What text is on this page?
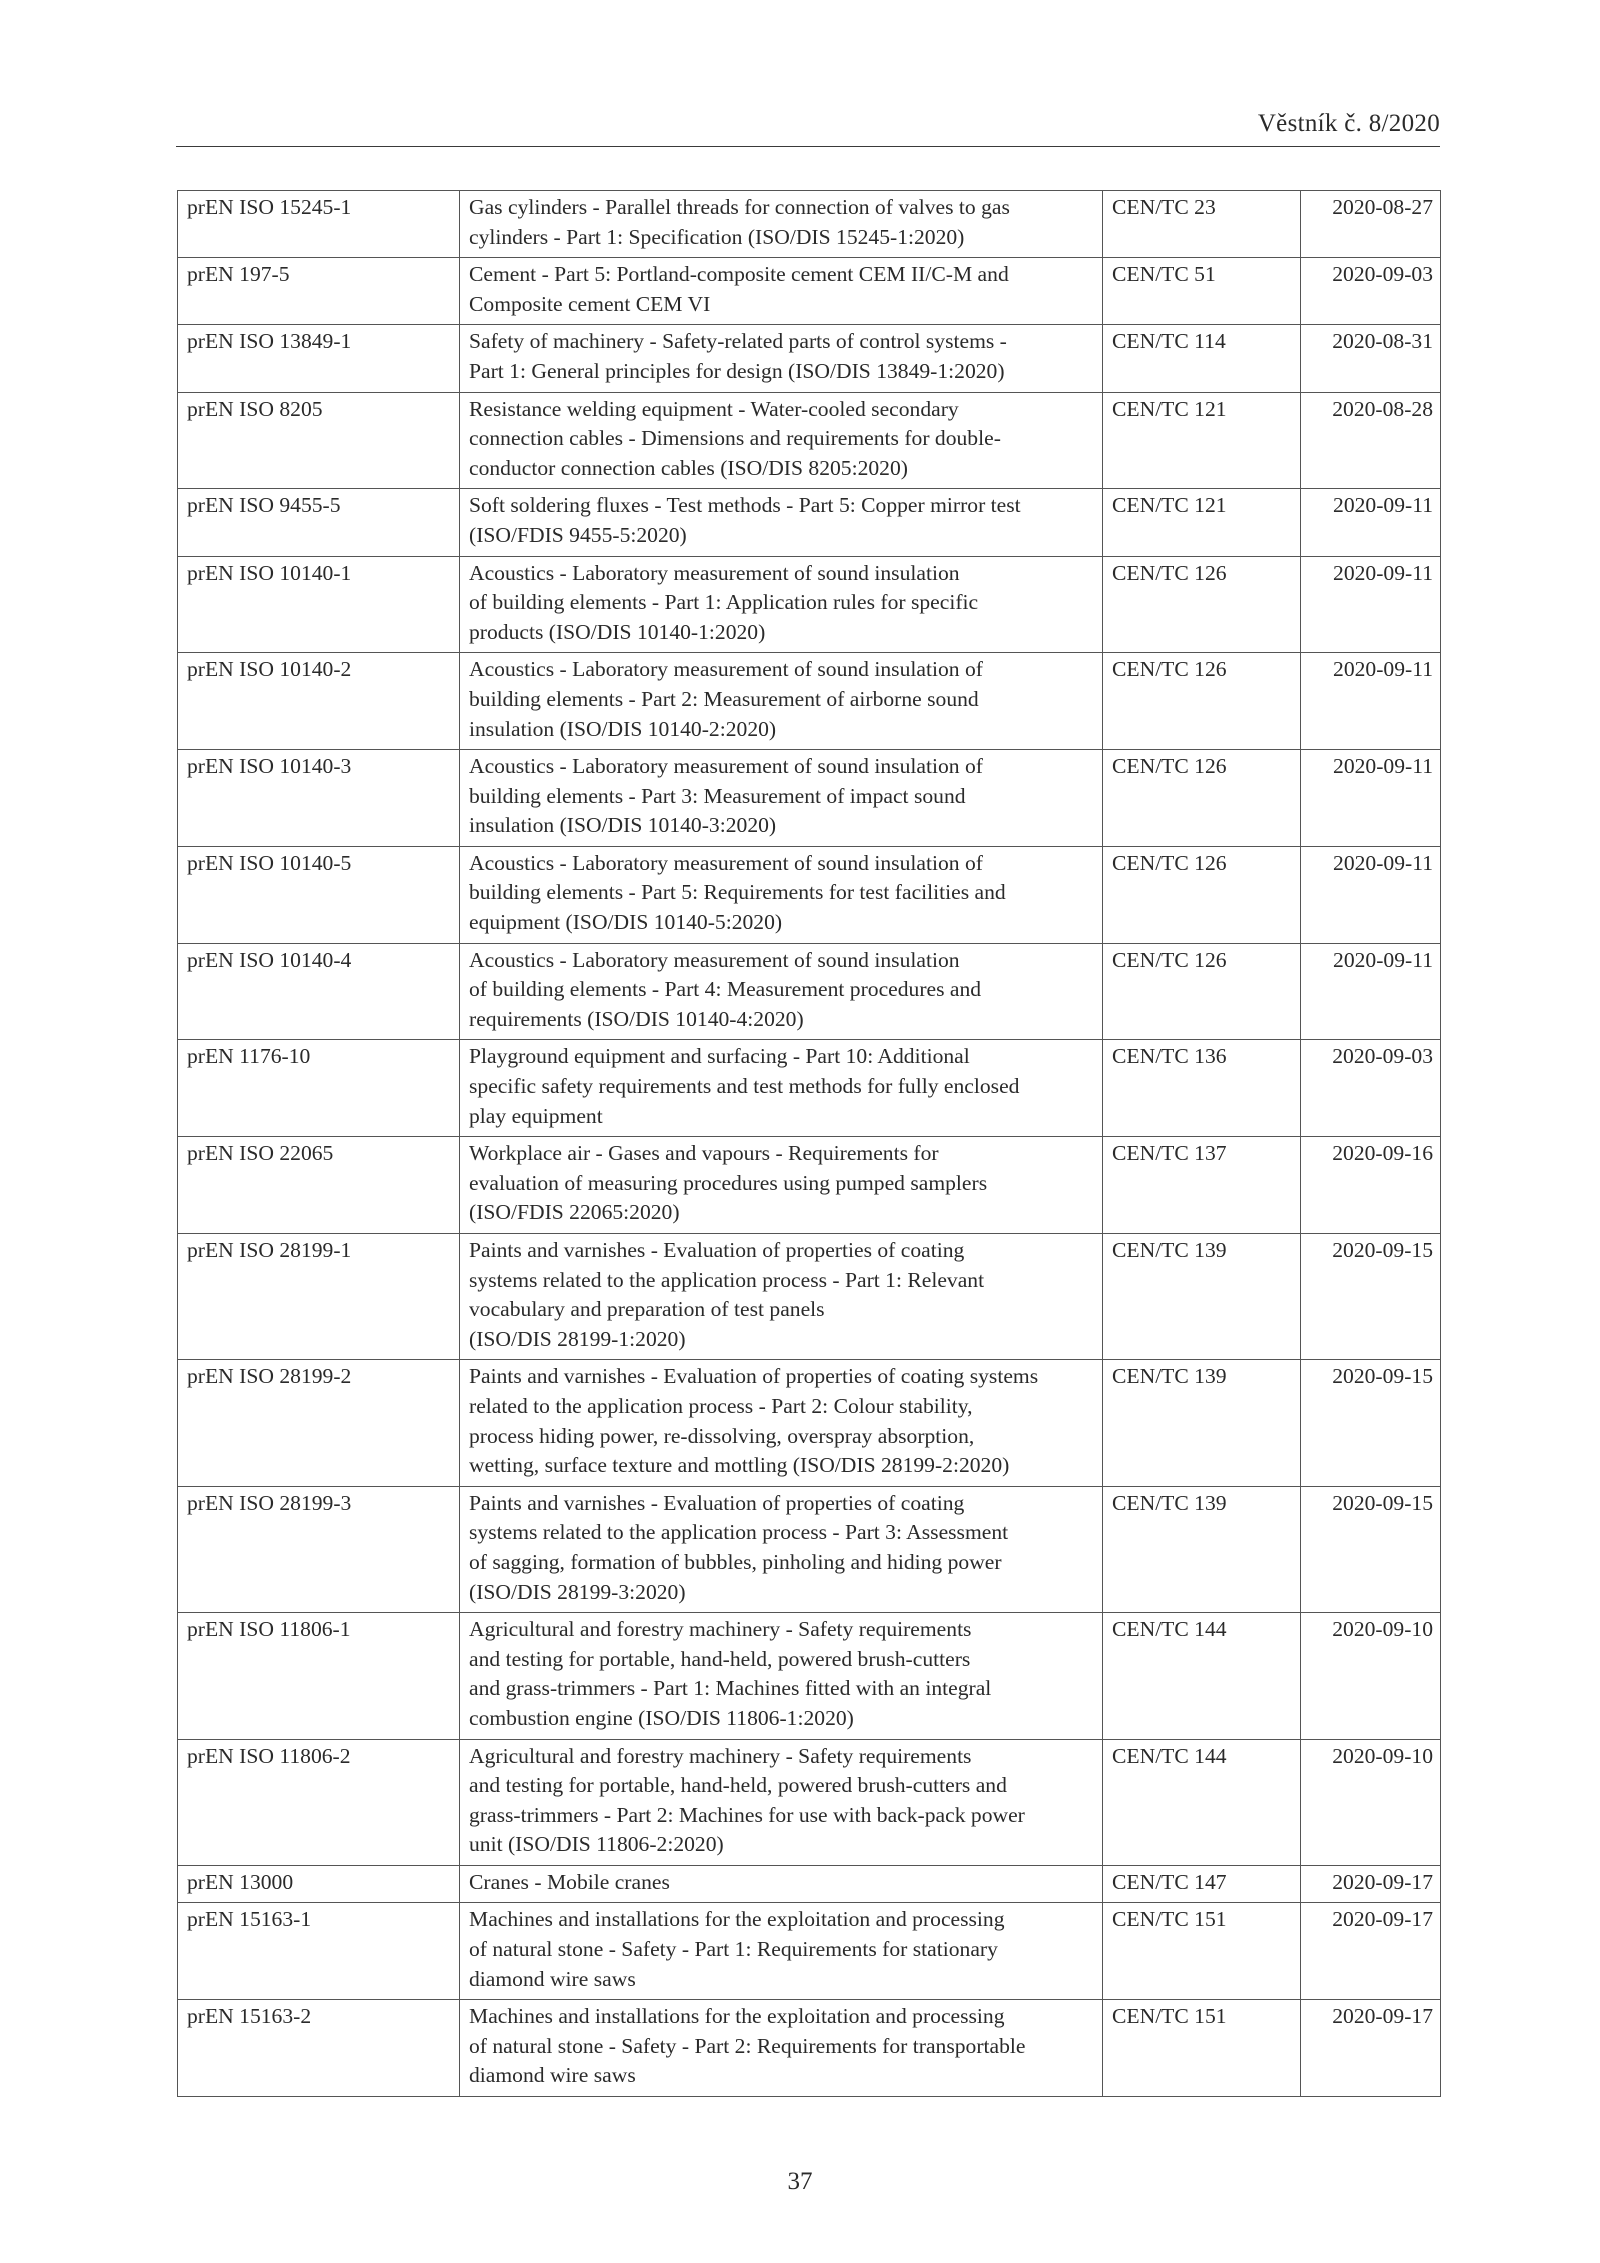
Věstník č. 8/2020
prEN ISO 15245-1	Gas cylinders - Parallel threads for connection of valves to gas
cylinders - Part 1: Specification (ISO/DIS 15245-1:2020)	CEN/TC 23	2020-08-27
prEN 197-5	Cement - Part 5: Portland-composite cement CEM II/C-M and
Composite cement CEM VI	CEN/TC 51	2020-09-03
prEN ISO 13849-1	Safety of machinery - Safety-related parts of control systems -
Part 1: General principles for design (ISO/DIS 13849-1:2020)	CEN/TC 114	2020-08-31
prEN ISO 8205	Resistance welding equipment - Water-cooled secondary
connection cables - Dimensions and requirements for double-
conductor connection cables (ISO/DIS 8205:2020)	CEN/TC 121	2020-08-28
prEN ISO 9455-5	Soft soldering fluxes - Test methods - Part 5: Copper mirror test
(ISO/FDIS 9455-5:2020)	CEN/TC 121	2020-09-11
prEN ISO 10140-1	Acoustics - Laboratory measurement of sound insulation
of building elements - Part 1: Application rules for specific
products (ISO/DIS 10140-1:2020)	CEN/TC 126	2020-09-11
prEN ISO 10140-2	Acoustics - Laboratory measurement of sound insulation of
building elements - Part 2: Measurement of airborne sound
insulation (ISO/DIS 10140-2:2020)	CEN/TC 126	2020-09-11
prEN ISO 10140-3	Acoustics - Laboratory measurement of sound insulation of
building elements - Part 3: Measurement of impact sound
insulation (ISO/DIS 10140-3:2020)	CEN/TC 126	2020-09-11
prEN ISO 10140-5	Acoustics - Laboratory measurement of sound insulation of
building elements - Part 5: Requirements for test facilities and
equipment (ISO/DIS 10140-5:2020)	CEN/TC 126	2020-09-11
prEN ISO 10140-4	Acoustics - Laboratory measurement of sound insulation
of building elements - Part 4: Measurement procedures and
requirements (ISO/DIS 10140-4:2020)	CEN/TC 126	2020-09-11
prEN 1176-10	Playground equipment and surfacing - Part 10: Additional
specific safety requirements and test methods for fully enclosed
play equipment	CEN/TC 136	2020-09-03
prEN ISO 22065	Workplace air - Gases and vapours - Requirements for
evaluation of measuring procedures using pumped samplers
(ISO/FDIS 22065:2020)	CEN/TC 137	2020-09-16
prEN ISO 28199-1	Paints and varnishes - Evaluation of properties of coating
systems related to the application process - Part 1: Relevant
vocabulary and preparation of test panels
(ISO/DIS 28199-1:2020)	CEN/TC 139	2020-09-15
prEN ISO 28199-2	Paints and varnishes - Evaluation of properties of coating systems
related to the application process - Part 2: Colour stability,
process hiding power, re-dissolving, overspray absorption,
wetting, surface texture and mottling (ISO/DIS 28199-2:2020)	CEN/TC 139	2020-09-15
prEN ISO 28199-3	Paints and varnishes - Evaluation of properties of coating
systems related to the application process - Part 3: Assessment
of sagging, formation of bubbles, pinholing and hiding power
(ISO/DIS 28199-3:2020)	CEN/TC 139	2020-09-15
prEN ISO 11806-1	Agricultural and forestry machinery - Safety requirements
and testing for portable, hand-held, powered brush-cutters
and grass-trimmers - Part 1: Machines fitted with an integral
combustion engine (ISO/DIS 11806-1:2020)	CEN/TC 144	2020-09-10
prEN ISO 11806-2	Agricultural and forestry machinery - Safety requirements
and testing for portable, hand-held, powered brush-cutters and
grass-trimmers - Part 2: Machines for use with back-pack power
unit (ISO/DIS 11806-2:2020)	CEN/TC 144	2020-09-10
prEN 13000	Cranes - Mobile cranes	CEN/TC 147	2020-09-17
prEN 15163-1	Machines and installations for the exploitation and processing
of natural stone - Safety - Part 1: Requirements for stationary
diamond wire saws	CEN/TC 151	2020-09-17
prEN 15163-2	Machines and installations for the exploitation and processing
of natural stone - Safety - Part 2: Requirements for transportable
diamond wire saws	CEN/TC 151	2020-09-17
37
